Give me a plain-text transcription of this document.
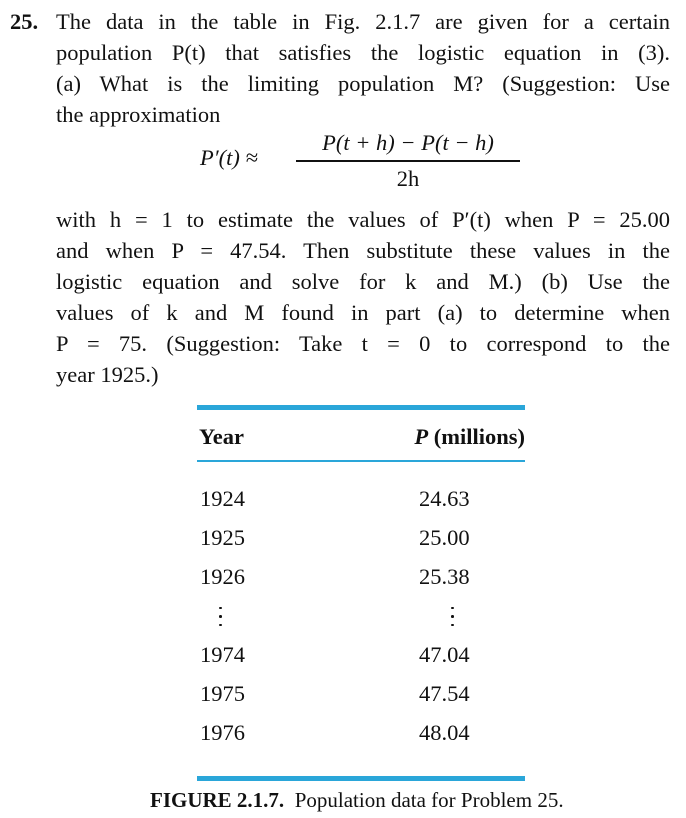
25. The data in the table in Fig. 2.1.7 are given for a certain
population P(t) that satisfies the logistic equation in (3).
(a) What is the limiting population M? (Suggestion: Use
the approximation
P′(t) ≈
P(t + h) − P(t − h)
2h
with h = 1 to estimate the values of P′(t) when P = 25.00
and when P = 47.54. Then substitute these values in the
logistic equation and solve for k and M.) (b) Use the
values of k and M found in part (a) to determine when
P = 75. (Suggestion: Take t = 0 to correspond to the
year 1925.)
Year	P (millions)
1924	24.63
1925	25.00
1926	25.38
1974	47.04
1975	47.54
1976	48.04
FIGURE 2.1.7. Population data for Problem 25.
